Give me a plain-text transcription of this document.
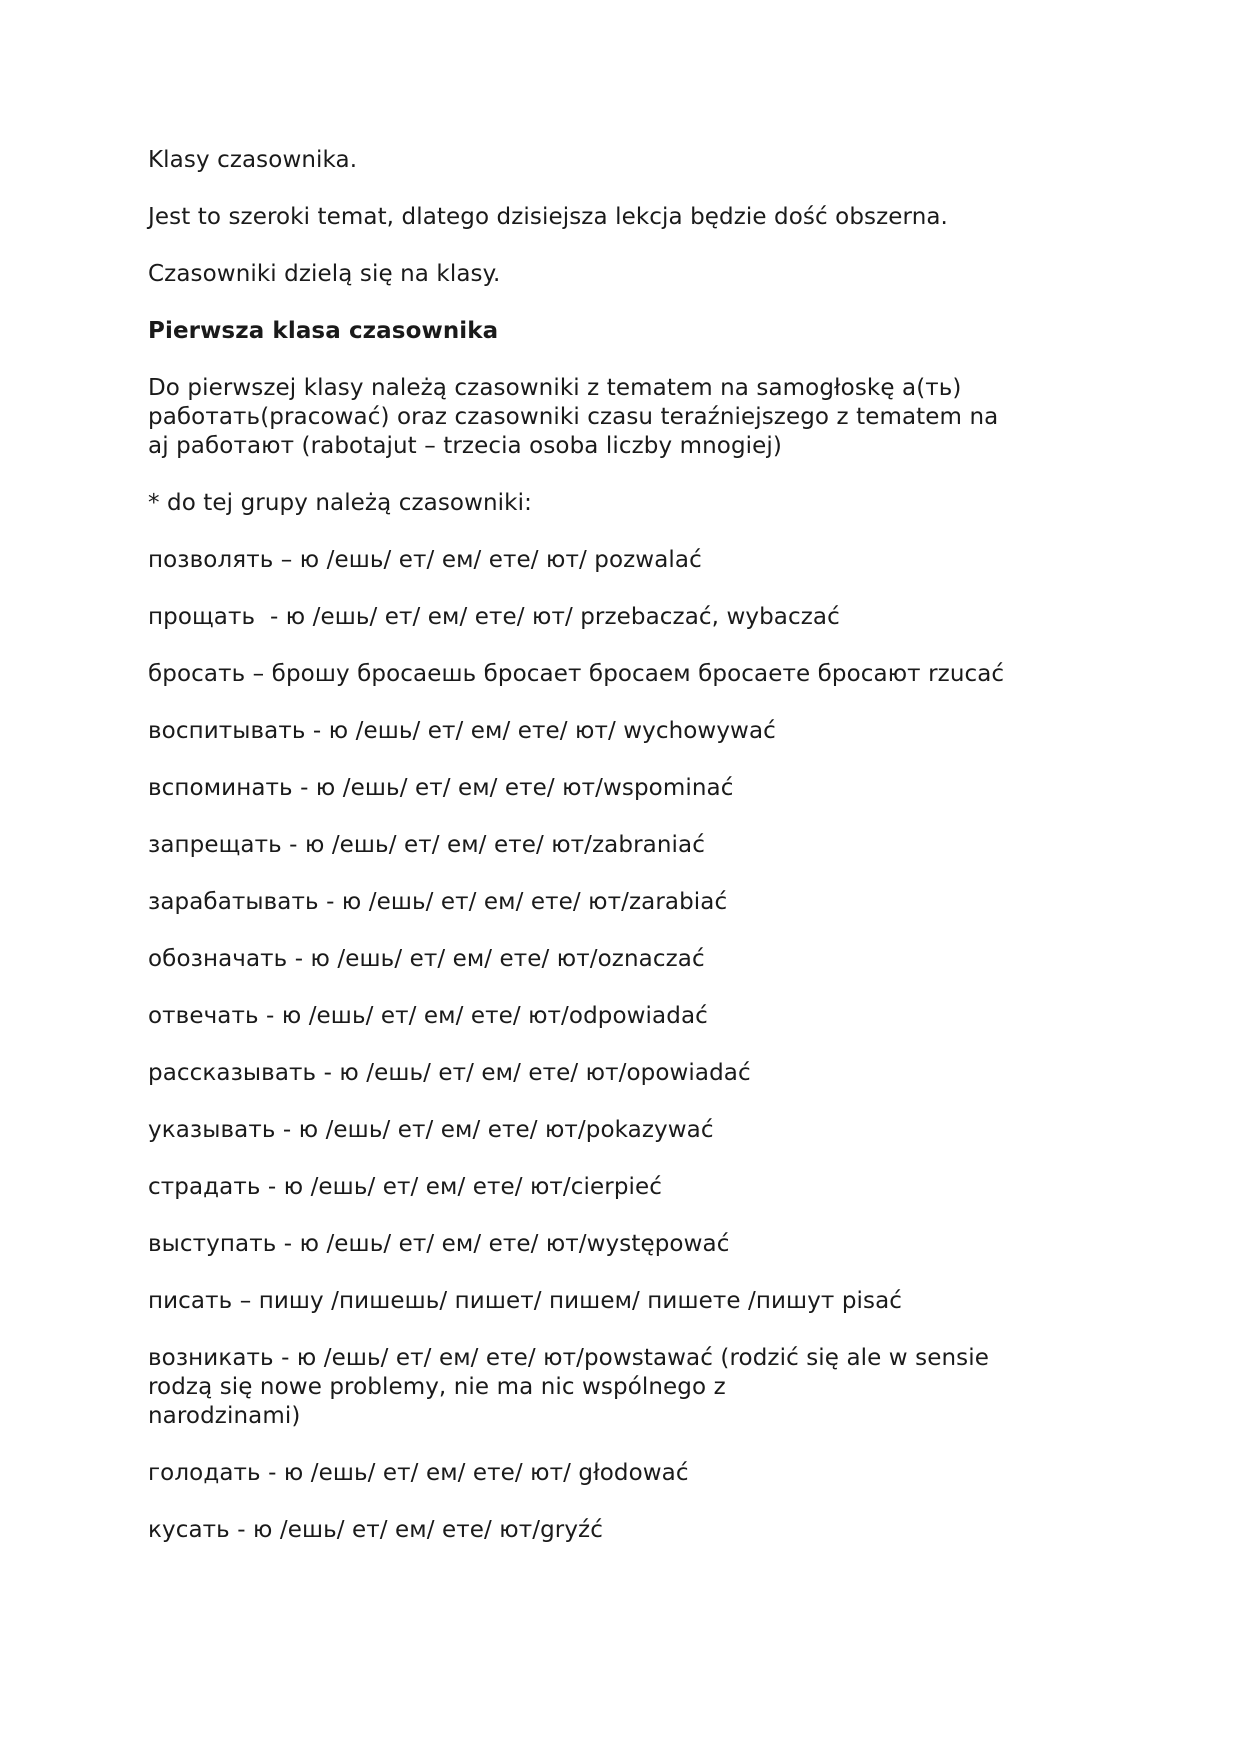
Klasy czasownika.

Jest to szeroki temat, dlatego dzisiejsza lekcja będzie dość obszerna.

Czasowniki dzielą się na klasy.

Pierwsza klasa czasownika

Do pierwszej klasy należą czasowniki z tematem na samogłoskę a(ть)
работать(pracować) oraz czasowniki czasu teraźniejszego z tematem na
aj работают (rabotajut – trzecia osoba liczby mnogiej)

* do tej grupy należą czasowniki:

позволять – ю /ешь/ ет/ ем/ ете/ ют/ pozwalać

прощать  - ю /ешь/ ет/ ем/ ете/ ют/ przebaczać, wybaczać

бросать – брошу бросаешь бросает бросаем бросаете бросают rzucać

воспитывать - ю /ешь/ ет/ ем/ ете/ ют/ wychowywać

вспоминать - ю /ешь/ ет/ ем/ ете/ ют/wspominać

запрещать - ю /ешь/ ет/ ем/ ете/ ют/zabraniać

зарабатывать - ю /ешь/ ет/ ем/ ете/ ют/zarabiać

обозначать - ю /ешь/ ет/ ем/ ете/ ют/oznaczać

отвечать - ю /ешь/ ет/ ем/ ете/ ют/odpowiadać

рассказывать - ю /ешь/ ет/ ем/ ете/ ют/opowiadać

указывать - ю /ешь/ ет/ ем/ ете/ ют/pokazywać

страдать - ю /ешь/ ет/ ем/ ете/ ют/cierpieć

выступать - ю /ешь/ ет/ ем/ ете/ ют/występować

писать – пишу /пишешь/ пишет/ пишем/ пишете /пишут pisać

возникать - ю /ешь/ ет/ ем/ ете/ ют/powstawać (rodzić się ale w sensie
rodzą się nowe problemy, nie ma nic wspólnego z
narodzinami)

голодать - ю /ешь/ ет/ ем/ ете/ ют/ głodować

кусать - ю /ешь/ ет/ ем/ ете/ ют/gryźć
